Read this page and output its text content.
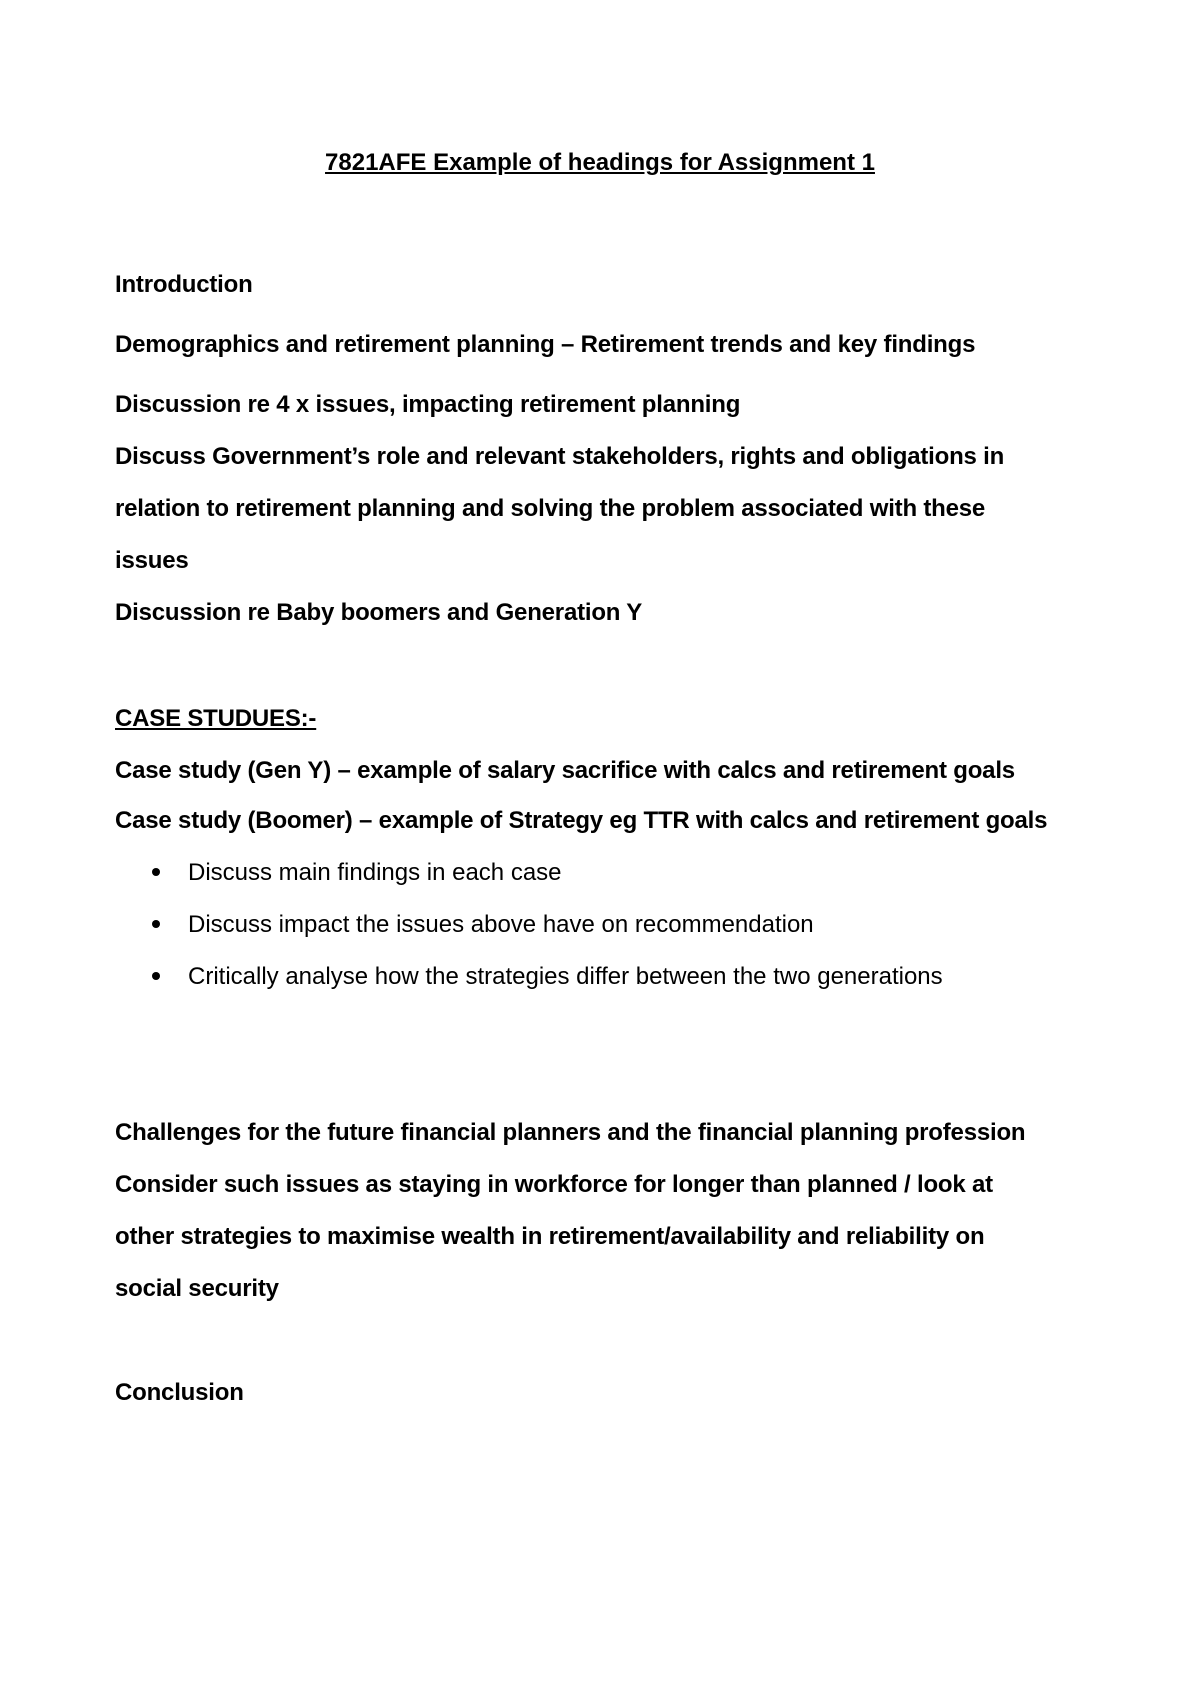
7821AFE Example of headings for Assignment 1
Introduction
Demographics and retirement planning – Retirement trends and key findings
Discussion re 4 x issues, impacting retirement planning
Discuss Government’s role and relevant stakeholders, rights and obligations in
relation to retirement planning and solving the problem associated with these
issues
Discussion re Baby boomers and Generation Y
CASE STUDUES:-
Case study (Gen Y) – example of salary sacrifice with calcs and retirement goals
Case study (Boomer) – example of Strategy eg TTR with calcs and retirement goals
Discuss main findings in each case
Discuss impact the issues above have on recommendation
Critically analyse how the strategies differ between the two generations
Challenges for the future financial planners and the financial planning profession
Consider such issues as staying in workforce for longer than planned / look at
other strategies to maximise wealth in retirement/availability and reliability on
social security
Conclusion
